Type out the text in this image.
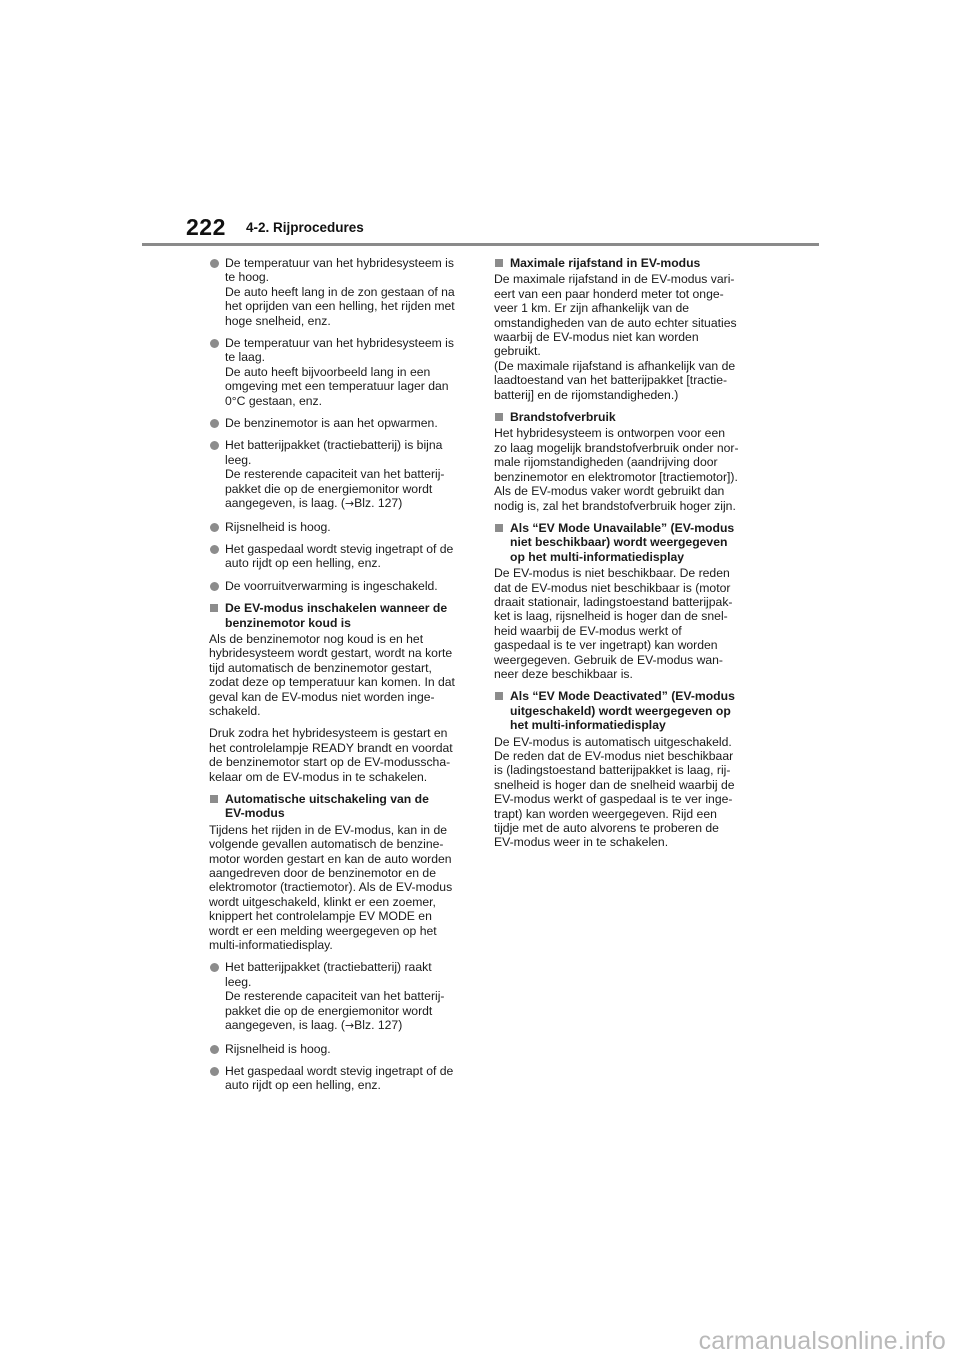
222 4-2. Rijprocedures

De temperatuur van het hybridesysteem is
te hoog.
De auto heeft lang in de zon gestaan of na
het oprijden van een helling, het rijden met
hoge snelheid, enz.

De temperatuur van het hybridesysteem is
te laag.
De auto heeft bijvoorbeeld lang in een
omgeving met een temperatuur lager dan
0°C gestaan, enz.

De benzinemotor is aan het opwarmen.

Het batterijpakket (tractiebatterij) is bijna
leeg.
De resterende capaciteit van het batterij-
pakket die op de energiemonitor wordt
aangegeven, is laag. (→Blz. 127)

Rijsnelheid is hoog.

Het gaspedaal wordt stevig ingetrapt of de
auto rijdt op een helling, enz.

De voorruitverwarming is ingeschakeld.

De EV-modus inschakelen wanneer de
benzinemotor koud is

Als de benzinemotor nog koud is en het
hybridesysteem wordt gestart, wordt na korte
tijd automatisch de benzinemotor gestart,
zodat deze op temperatuur kan komen. In dat
geval kan de EV-modus niet worden inge-
schakeld.

Druk zodra het hybridesysteem is gestart en
het controlelampje READY brandt en voordat
de benzinemotor start op de EV-modusscha-
kelaar om de EV-modus in te schakelen.

Automatische uitschakeling van de
EV-modus

Tijdens het rijden in de EV-modus, kan in de
volgende gevallen automatisch de benzine-
motor worden gestart en kan de auto worden
aangedreven door de benzinemotor en de
elektromotor (tractiemotor). Als de EV-modus
wordt uitgeschakeld, klinkt er een zoemer,
knippert het controlelampje EV MODE en
wordt er een melding weergegeven op het
multi-informatiedisplay.

Het batterijpakket (tractiebatterij) raakt
leeg.
De resterende capaciteit van het batterij-
pakket die op de energiemonitor wordt
aangegeven, is laag. (→Blz. 127)

Rijsnelheid is hoog.

Het gaspedaal wordt stevig ingetrapt of de
auto rijdt op een helling, enz.

Maximale rijafstand in EV-modus

De maximale rijafstand in de EV-modus vari-
eert van een paar honderd meter tot onge-
veer 1 km. Er zijn afhankelijk van de
omstandigheden van de auto echter situaties
waarbij de EV-modus niet kan worden
gebruikt.
(De maximale rijafstand is afhankelijk van de
laadtoestand van het batterijpakket [tractie-
batterij] en de rijomstandigheden.)

Brandstofverbruik

Het hybridesysteem is ontworpen voor een
zo laag mogelijk brandstofverbruik onder nor-
male rijomstandigheden (aandrijving door
benzinemotor en elektromotor [tractiemotor]).
Als de EV-modus vaker wordt gebruikt dan
nodig is, zal het brandstofverbruik hoger zijn.

Als “EV Mode Unavailable” (EV-modus
niet beschikbaar) wordt weergegeven
op het multi-informatiedisplay

De EV-modus is niet beschikbaar. De reden
dat de EV-modus niet beschikbaar is (motor
draait stationair, ladingstoestand batterijpak-
ket is laag, rijsnelheid is hoger dan de snel-
heid waarbij de EV-modus werkt of
gaspedaal is te ver ingetrapt) kan worden
weergegeven. Gebruik de EV-modus wan-
neer deze beschikbaar is.

Als “EV Mode Deactivated” (EV-modus
uitgeschakeld) wordt weergegeven op
het multi-informatiedisplay

De EV-modus is automatisch uitgeschakeld.
De reden dat de EV-modus niet beschikbaar
is (ladingstoestand batterijpakket is laag, rij-
snelheid is hoger dan de snelheid waarbij de
EV-modus werkt of gaspedaal is te ver inge-
trapt) kan worden weergegeven. Rijd een
tijdje met de auto alvorens te proberen de
EV-modus weer in te schakelen.

carmanualsonline.info
